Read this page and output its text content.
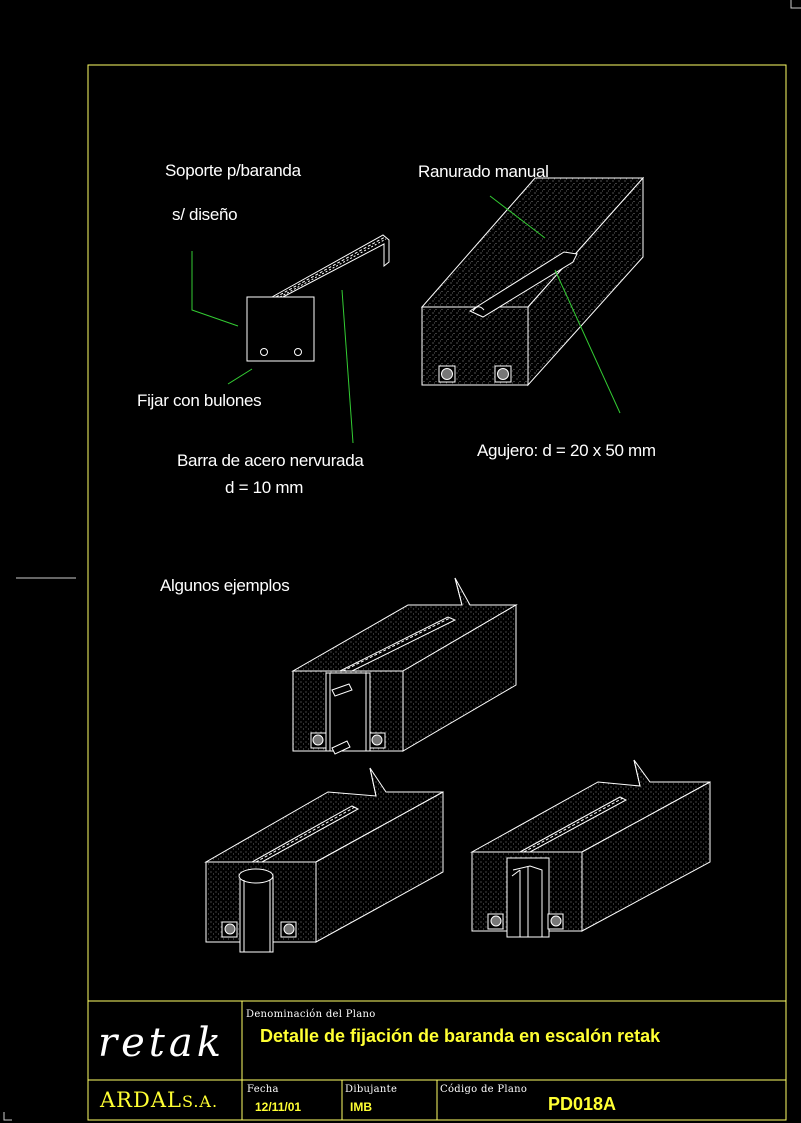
Soporte p/baranda
s/ diseño
Fijar con bulones
Barra de acero nervurada
d = 10 mm
Ranurado manual
Agujero: d = 20 x 50 mm
Algunos ejemplos
Denominación del Plano
Detalle de fijación de baranda en escalón retak
retak
ARDALS.A.
Fecha
12/11/01
Dibujante
IMB
Código de Plano
PD018A
